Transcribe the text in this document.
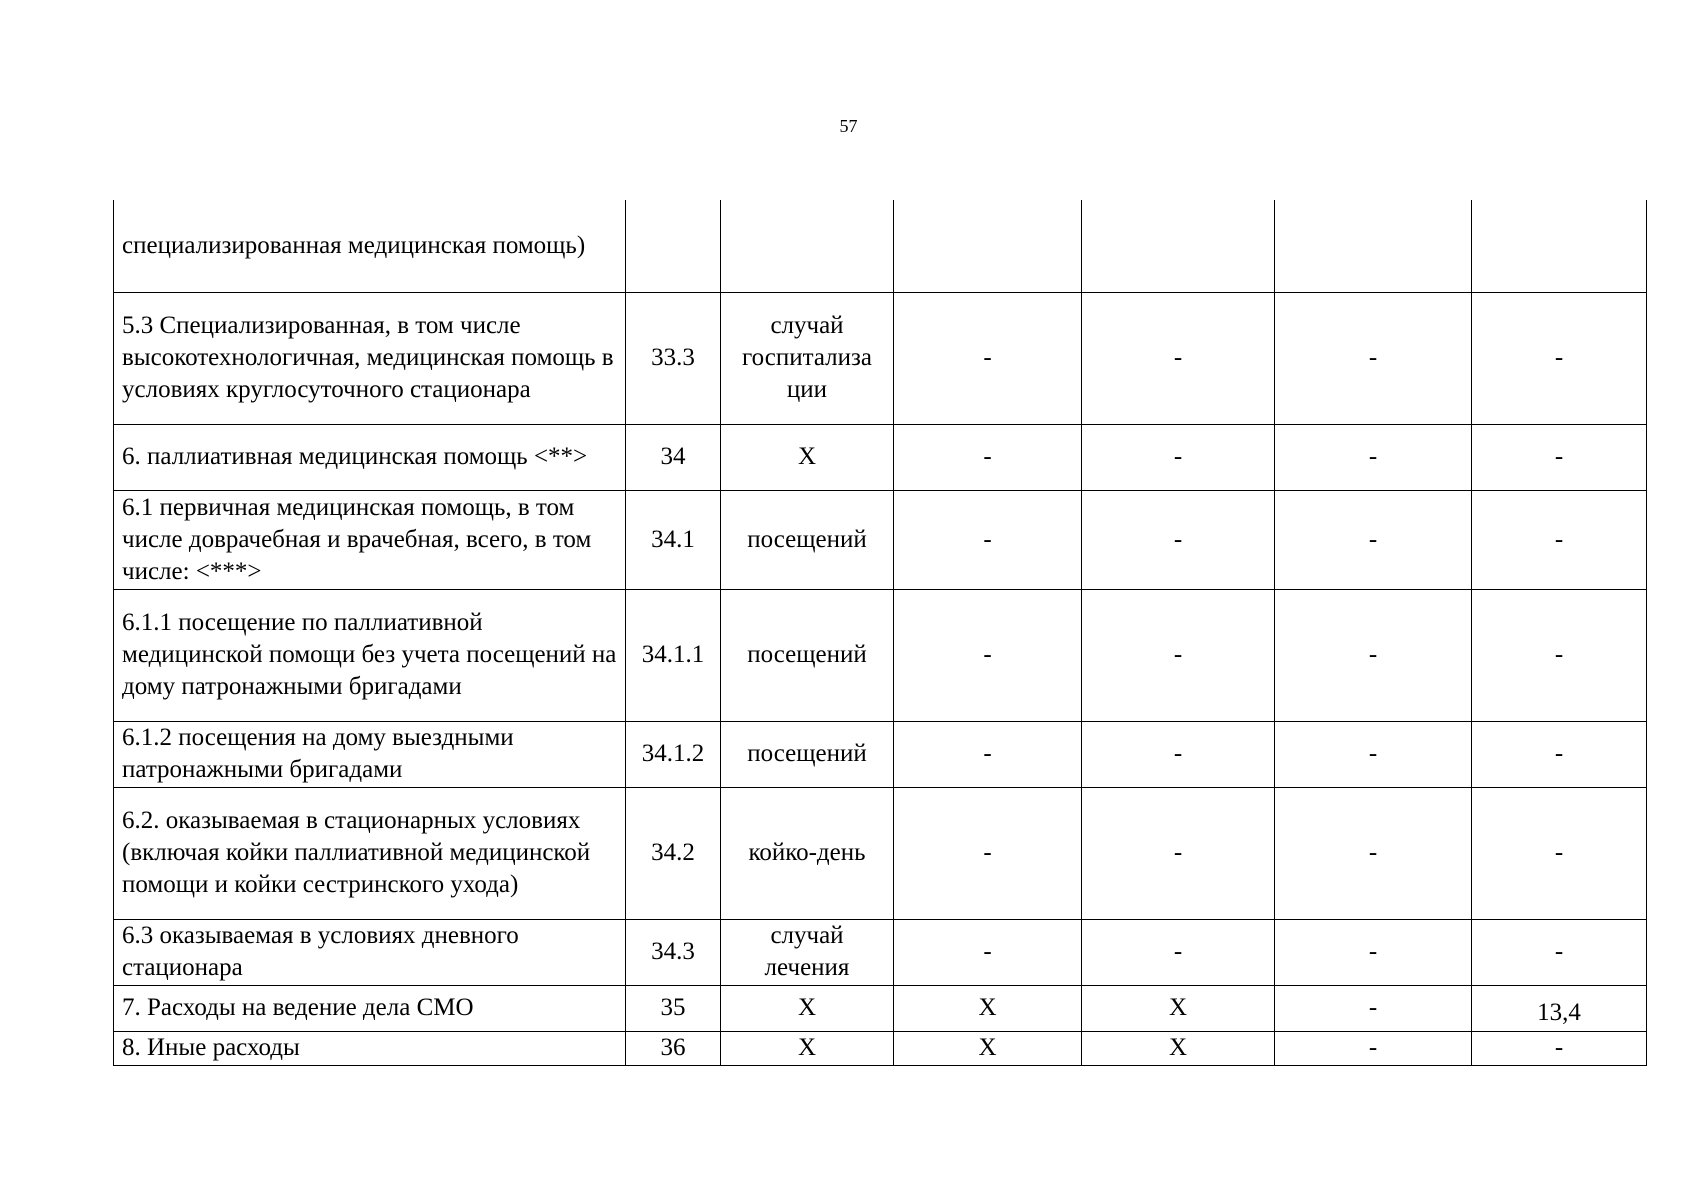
57
специализированная медицинская помощь)						
5.3 Специализированная, в том числе высокотехнологичная, медицинская помощь в условиях круглосуточного стационара	33.3	случай госпитализа ции	-	-	-	-
6. паллиативная медицинская помощь <**>	34	Х	-	-	-	-
6.1 первичная медицинская помощь, в том числе доврачебная и врачебная, всего, в том числе: <***>	34.1	посещений	-	-	-	-
6.1.1 посещение по паллиативной медицинской помощи без учета посещений на дому патронажными бригадами	34.1.1	посещений	-	-	-	-
6.1.2 посещения на дому выездными патронажными бригадами	34.1.2	посещений	-	-	-	-
6.2. оказываемая в стационарных условиях (включая койки паллиативной медицинской помощи и койки сестринского ухода)	34.2	койко-день	-	-	-	-
6.3 оказываемая в условиях дневного стационара	34.3	случай лечения	-	-	-	-
7. Расходы на ведение дела СМО	35	Х	Х	Х	-	13,4
8. Иные расходы	36	Х	Х	Х	-	-
